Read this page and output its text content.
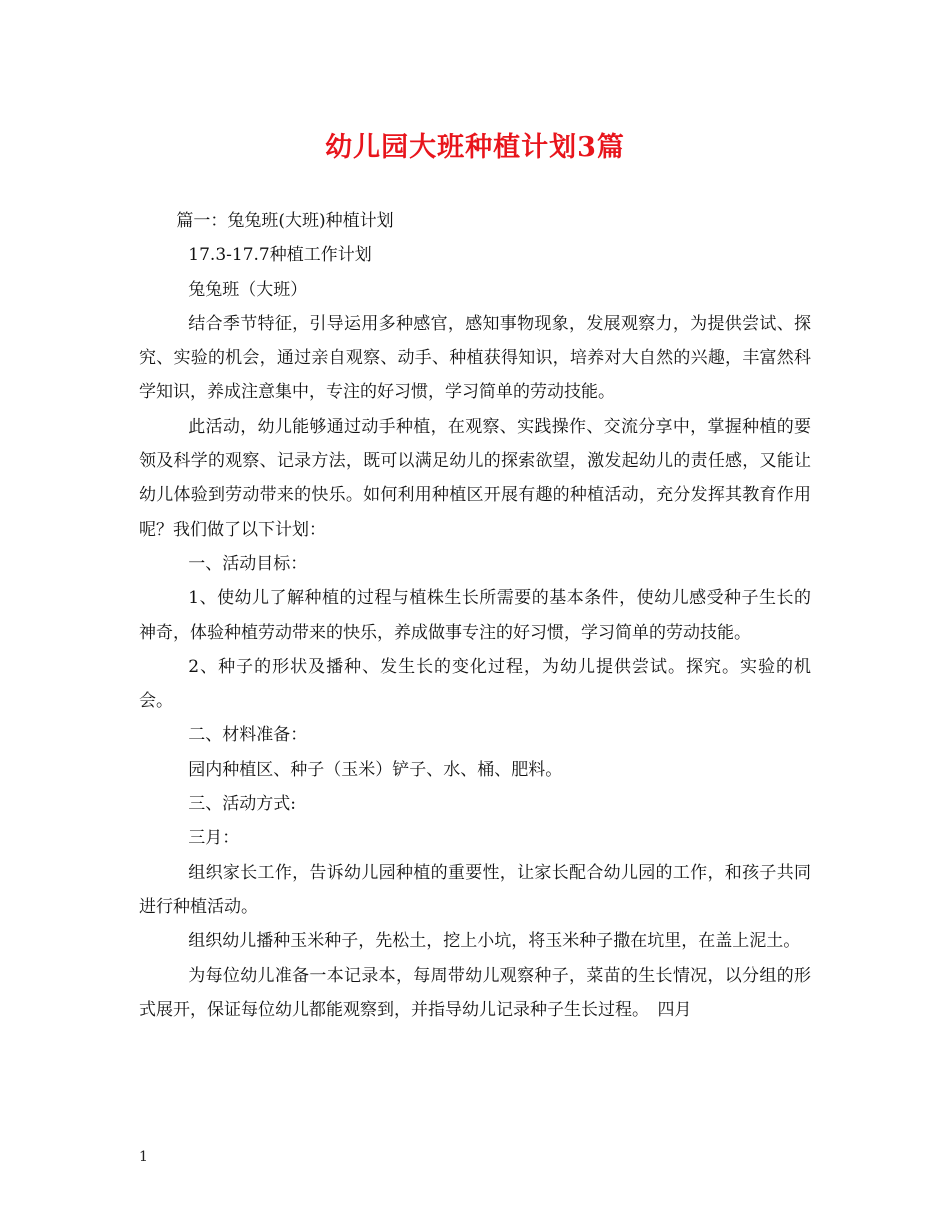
幼儿园大班种植计划3篇

篇一：兔兔班(大班)种植计划

17.3-17.7种植工作计划

兔兔班（大班）

结合季节特征，引导运用多种感官，感知事物现象，发展观察力，为提供尝试、探究、实验的机会，通过亲自观察、动手、种植获得知识，培养对大自然的兴趣，丰富然科学知识，养成注意集中，专注的好习惯，学习简单的劳动技能。

此活动，幼儿能够通过动手种植，在观察、实践操作、交流分享中，掌握种植的要领及科学的观察、记录方法，既可以满足幼儿的探索欲望，激发起幼儿的责任感，又能让幼儿体验到劳动带来的快乐。如何利用种植区开展有趣的种植活动，充分发挥其教育作用呢？我们做了以下计划：

一、活动目标：

1、使幼儿了解种植的过程与植株生长所需要的基本条件，使幼儿感受种子生长的神奇，体验种植劳动带来的快乐，养成做事专注的好习惯，学习简单的劳动技能。

2、种子的形状及播种、发生长的变化过程，为幼儿提供尝试。探究。实验的机会。

二、材料准备：

园内种植区、种子（玉米）铲子、水、桶、肥料。

三、活动方式:

三月：

组织家长工作，告诉幼儿园种植的重要性，让家长配合幼儿园的工作，和孩子共同进行种植活动。

组织幼儿播种玉米种子，先松土，挖上小坑，将玉米种子撒在坑里，在盖上泥土。

为每位幼儿准备一本记录本，每周带幼儿观察种子，菜苗的生长情况，以分组的形式展开，保证每位幼儿都能观察到，并指导幼儿记录种子生长过程。　四月

1
